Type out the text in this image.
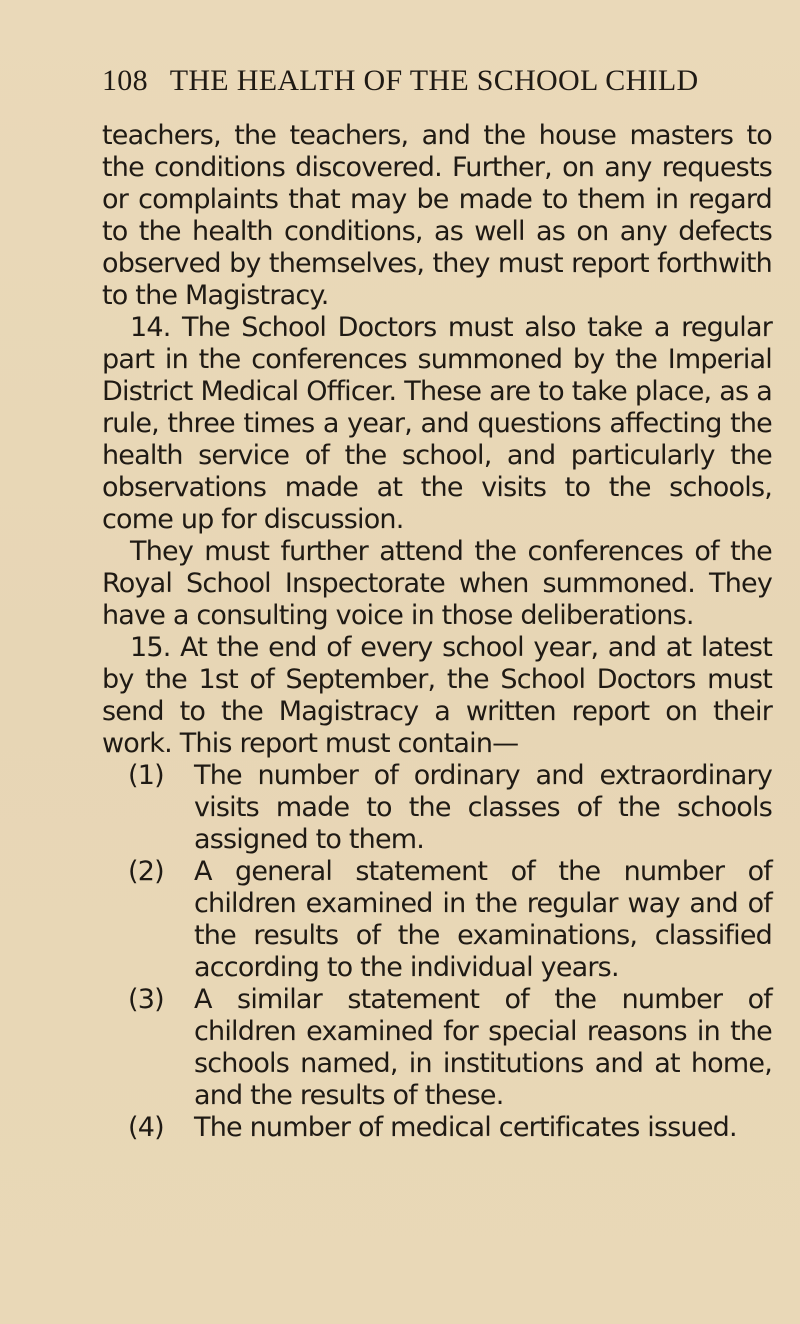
108 THE HEALTH OF THE SCHOOL CHILD

teachers, the teachers, and the house masters to the conditions discovered. Further, on any requests or complaints that may be made to them in regard to the health conditions, as well as on any defects observed by themselves, they must report forthwith to the Magistracy.

14. The School Doctors must also take a regular part in the conferences summoned by the Imperial District Medical Officer. These are to take place, as a rule, three times a year, and questions affecting the health service of the school, and particularly the observations made at the visits to the schools, come up for discussion.

They must further attend the conferences of the Royal School Inspectorate when summoned. They have a consulting voice in those deliberations.

15. At the end of every school year, and at latest by the 1st of September, the School Doctors must send to the Magistracy a written report on their work. This report must contain—

(1) The number of ordinary and extraordinary visits made to the classes of the schools assigned to them.
(2) A general statement of the number of children examined in the regular way and of the results of the examinations, classified according to the individual years.
(3) A similar statement of the number of children examined for special reasons in the schools named, in institutions and at home, and the results of these.
(4) The number of medical certificates issued.
